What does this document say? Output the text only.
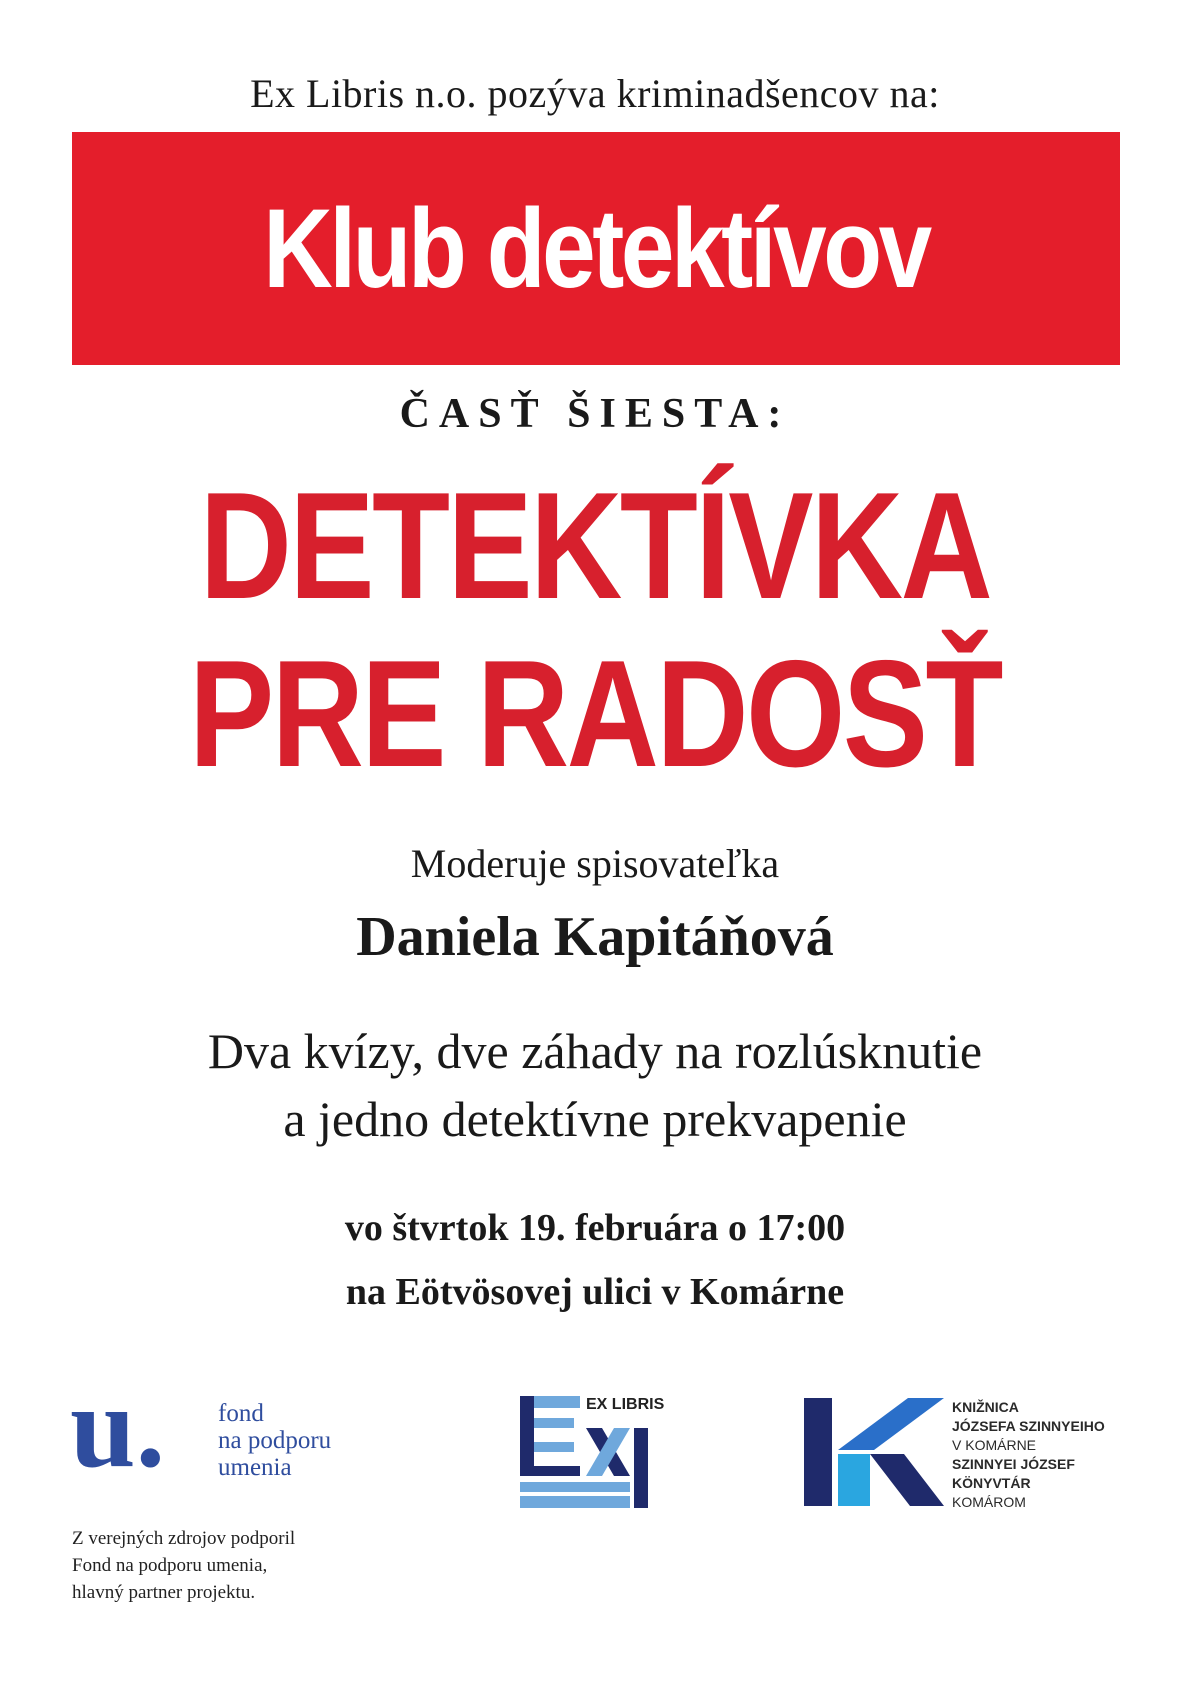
Ex Libris n.o. pozýva kriminadšencov na:
Klub detektívov
ČASŤ ŠIESTA:
DETEKTÍVKA
PRE RADOSŤ
Moderuje spisovateľka
Daniela Kapitáňová
Dva kvízy, dve záhady na rozlúsknutie
a jedno detektívne prekvapenie
vo štvrtok 19. februára o 17:00
na Eötvösovej ulici v Komárne
u. fond
na podporu
umenia
Z verejných zdrojov podporil
Fond na podporu umenia,
hlavný partner projektu.
EX LIBRIS	KNIŽNICA
JÓZSEFA SZINNYEIHO
V KOMÁRNE
SZINNYEI JÓZSEF
KÖNYVTÁR
KOMÁROM
